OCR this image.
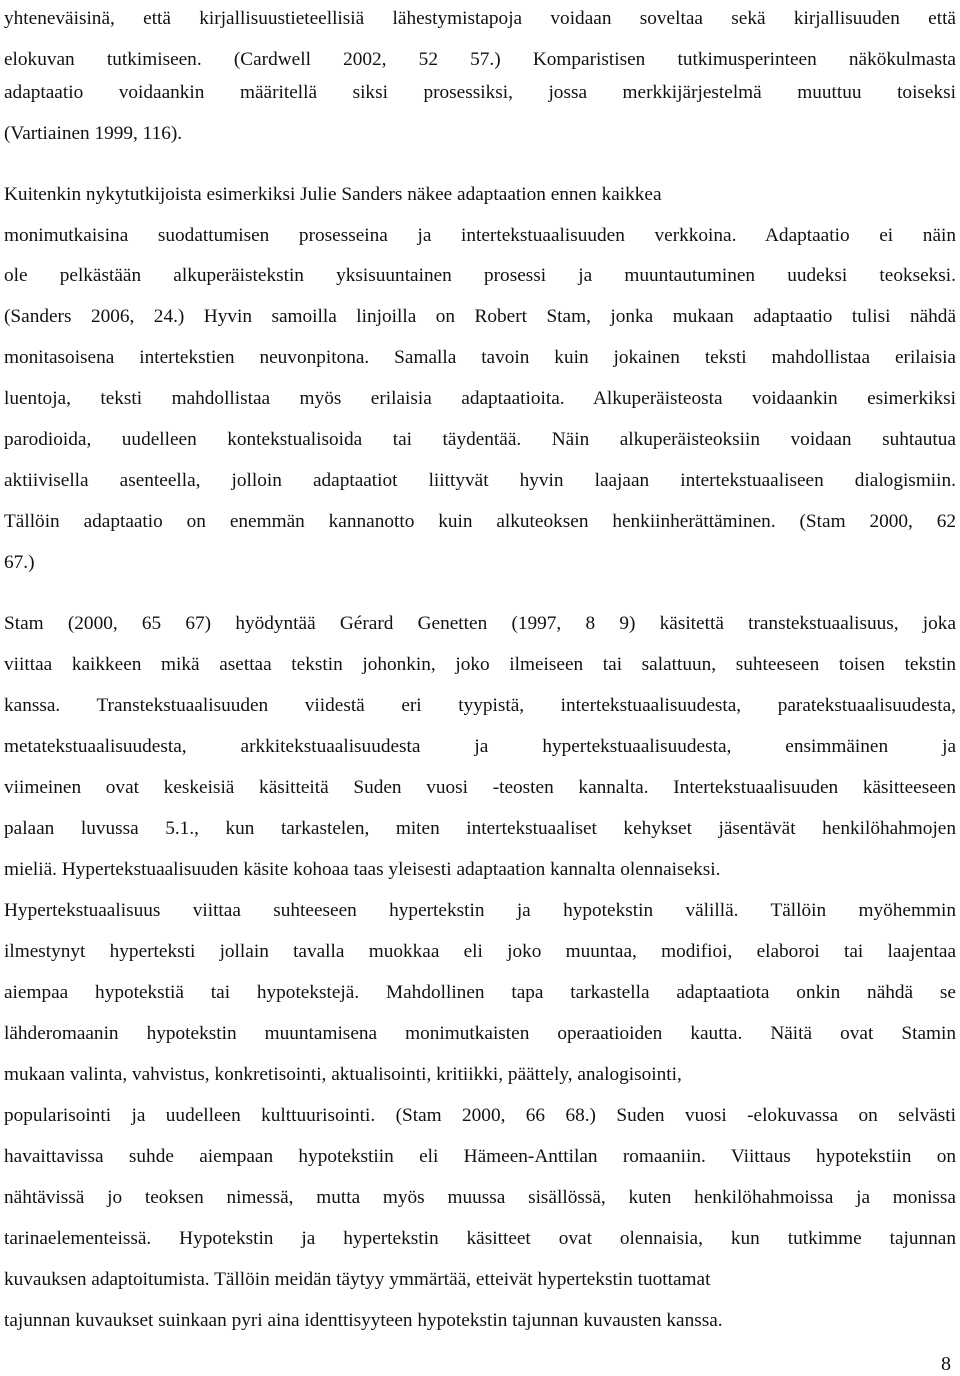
yhteneväisinä, että kirjallisuustieteellisiä lähestymistapoja voidaan soveltaa sekä kirjallisuuden että
elokuvan tutkimiseen. (Cardwell 2002, 52 57.) Komparistisen tutkimusperinteen näkökulmasta
adaptaatio voidaankin määritellä siksi prosessiksi, jossa merkkijärjestelmä muuttuu toiseksi
(Vartiainen 1999, 116).
Kuitenkin nykytutkijoista esimerkiksi Julie Sanders näkee adaptaation ennen kaikkea
monimutkaisina suodattumisen prosesseina ja intertekstuaalisuuden verkkoina. Adaptaatio ei näin
ole pelkästään alkuperäistekstin yksisuuntainen prosessi ja muuntautuminen uudeksi teokseksi.
(Sanders 2006, 24.) Hyvin samoilla linjoilla on Robert Stam, jonka mukaan adaptaatio tulisi nähdä
monitasoisena intertekstien neuvonpitona. Samalla tavoin kuin jokainen teksti mahdollistaa erilaisia
luentoja, teksti mahdollistaa myös erilaisia adaptaatioita. Alkuperäisteosta voidaankin esimerkiksi
parodioida, uudelleen kontekstualisoida tai täydentää. Näin alkuperäisteoksiin voidaan suhtautua
aktiivisella asenteella, jolloin adaptaatiot liittyvät hyvin laajaan intertekstuaaliseen dialogismiin.
Tällöin adaptaatio on enemmän kannanotto kuin alkuteoksen henkiinherättäminen. (Stam 2000, 62
67.)
Stam (2000, 65 67) hyödyntää Gérard Genetten (1997, 8 9) käsitettä transtekstuaalisuus, joka
viittaa kaikkeen mikä asettaa tekstin johonkin, joko ilmeiseen tai salattuun, suhteeseen toisen tekstin
kanssa. Transtekstuaalisuuden viidestä eri tyypistä, intertekstuaalisuudesta, paratekstuaalisuudesta,
metatekstuaalisuudesta, arkkitekstuaalisuudesta ja hypertekstuaalisuudesta, ensimmäinen ja
viimeinen ovat keskeisiä käsitteitä Suden vuosi -teosten kannalta. Intertekstuaalisuuden käsitteeseen
palaan luvussa 5.1., kun tarkastelen, miten intertekstuaaliset kehykset jäsentävät henkilöhahmojen
mieliä. Hypertekstuaalisuuden käsite kohoaa taas yleisesti adaptaation kannalta olennaiseksi.
Hypertekstuaalisuus viittaa suhteeseen hypertekstin ja hypotekstin välillä. Tällöin myöhemmin
ilmestynyt hyperteksti jollain tavalla muokkaa eli joko muuntaa, modifioi, elaboroi tai laajentaa
aiempaa hypotekstiä tai hypotekstejä. Mahdollinen tapa tarkastella adaptaatiota onkin nähdä se
lähderomaanin hypotekstin muuntamisena monimutkaisten operaatioiden kautta. Näitä ovat Stamin
mukaan valinta, vahvistus, konkretisointi, aktualisointi, kritiikki, päättely, analogisointi,
popularisointi ja uudelleen kulttuurisointi. (Stam 2000, 66 68.) Suden vuosi -elokuvassa on selvästi
havaittavissa suhde aiempaan hypotekstiin eli Hämeen-Anttilan romaaniin. Viittaus hypotekstiin on
nähtävissä jo teoksen nimessä, mutta myös muussa sisällössä, kuten henkilöhahmoissa ja monissa
tarinaelementeissä. Hypotekstin ja hypertekstin käsitteet ovat olennaisia, kun tutkimme tajunnan
kuvauksen adaptoitumista. Tällöin meidän täytyy ymmärtää, etteivät hypertekstin tuottamat
tajunnan kuvaukset suinkaan pyri aina identtisyyteen hypotekstin tajunnan kuvausten kanssa.
8
